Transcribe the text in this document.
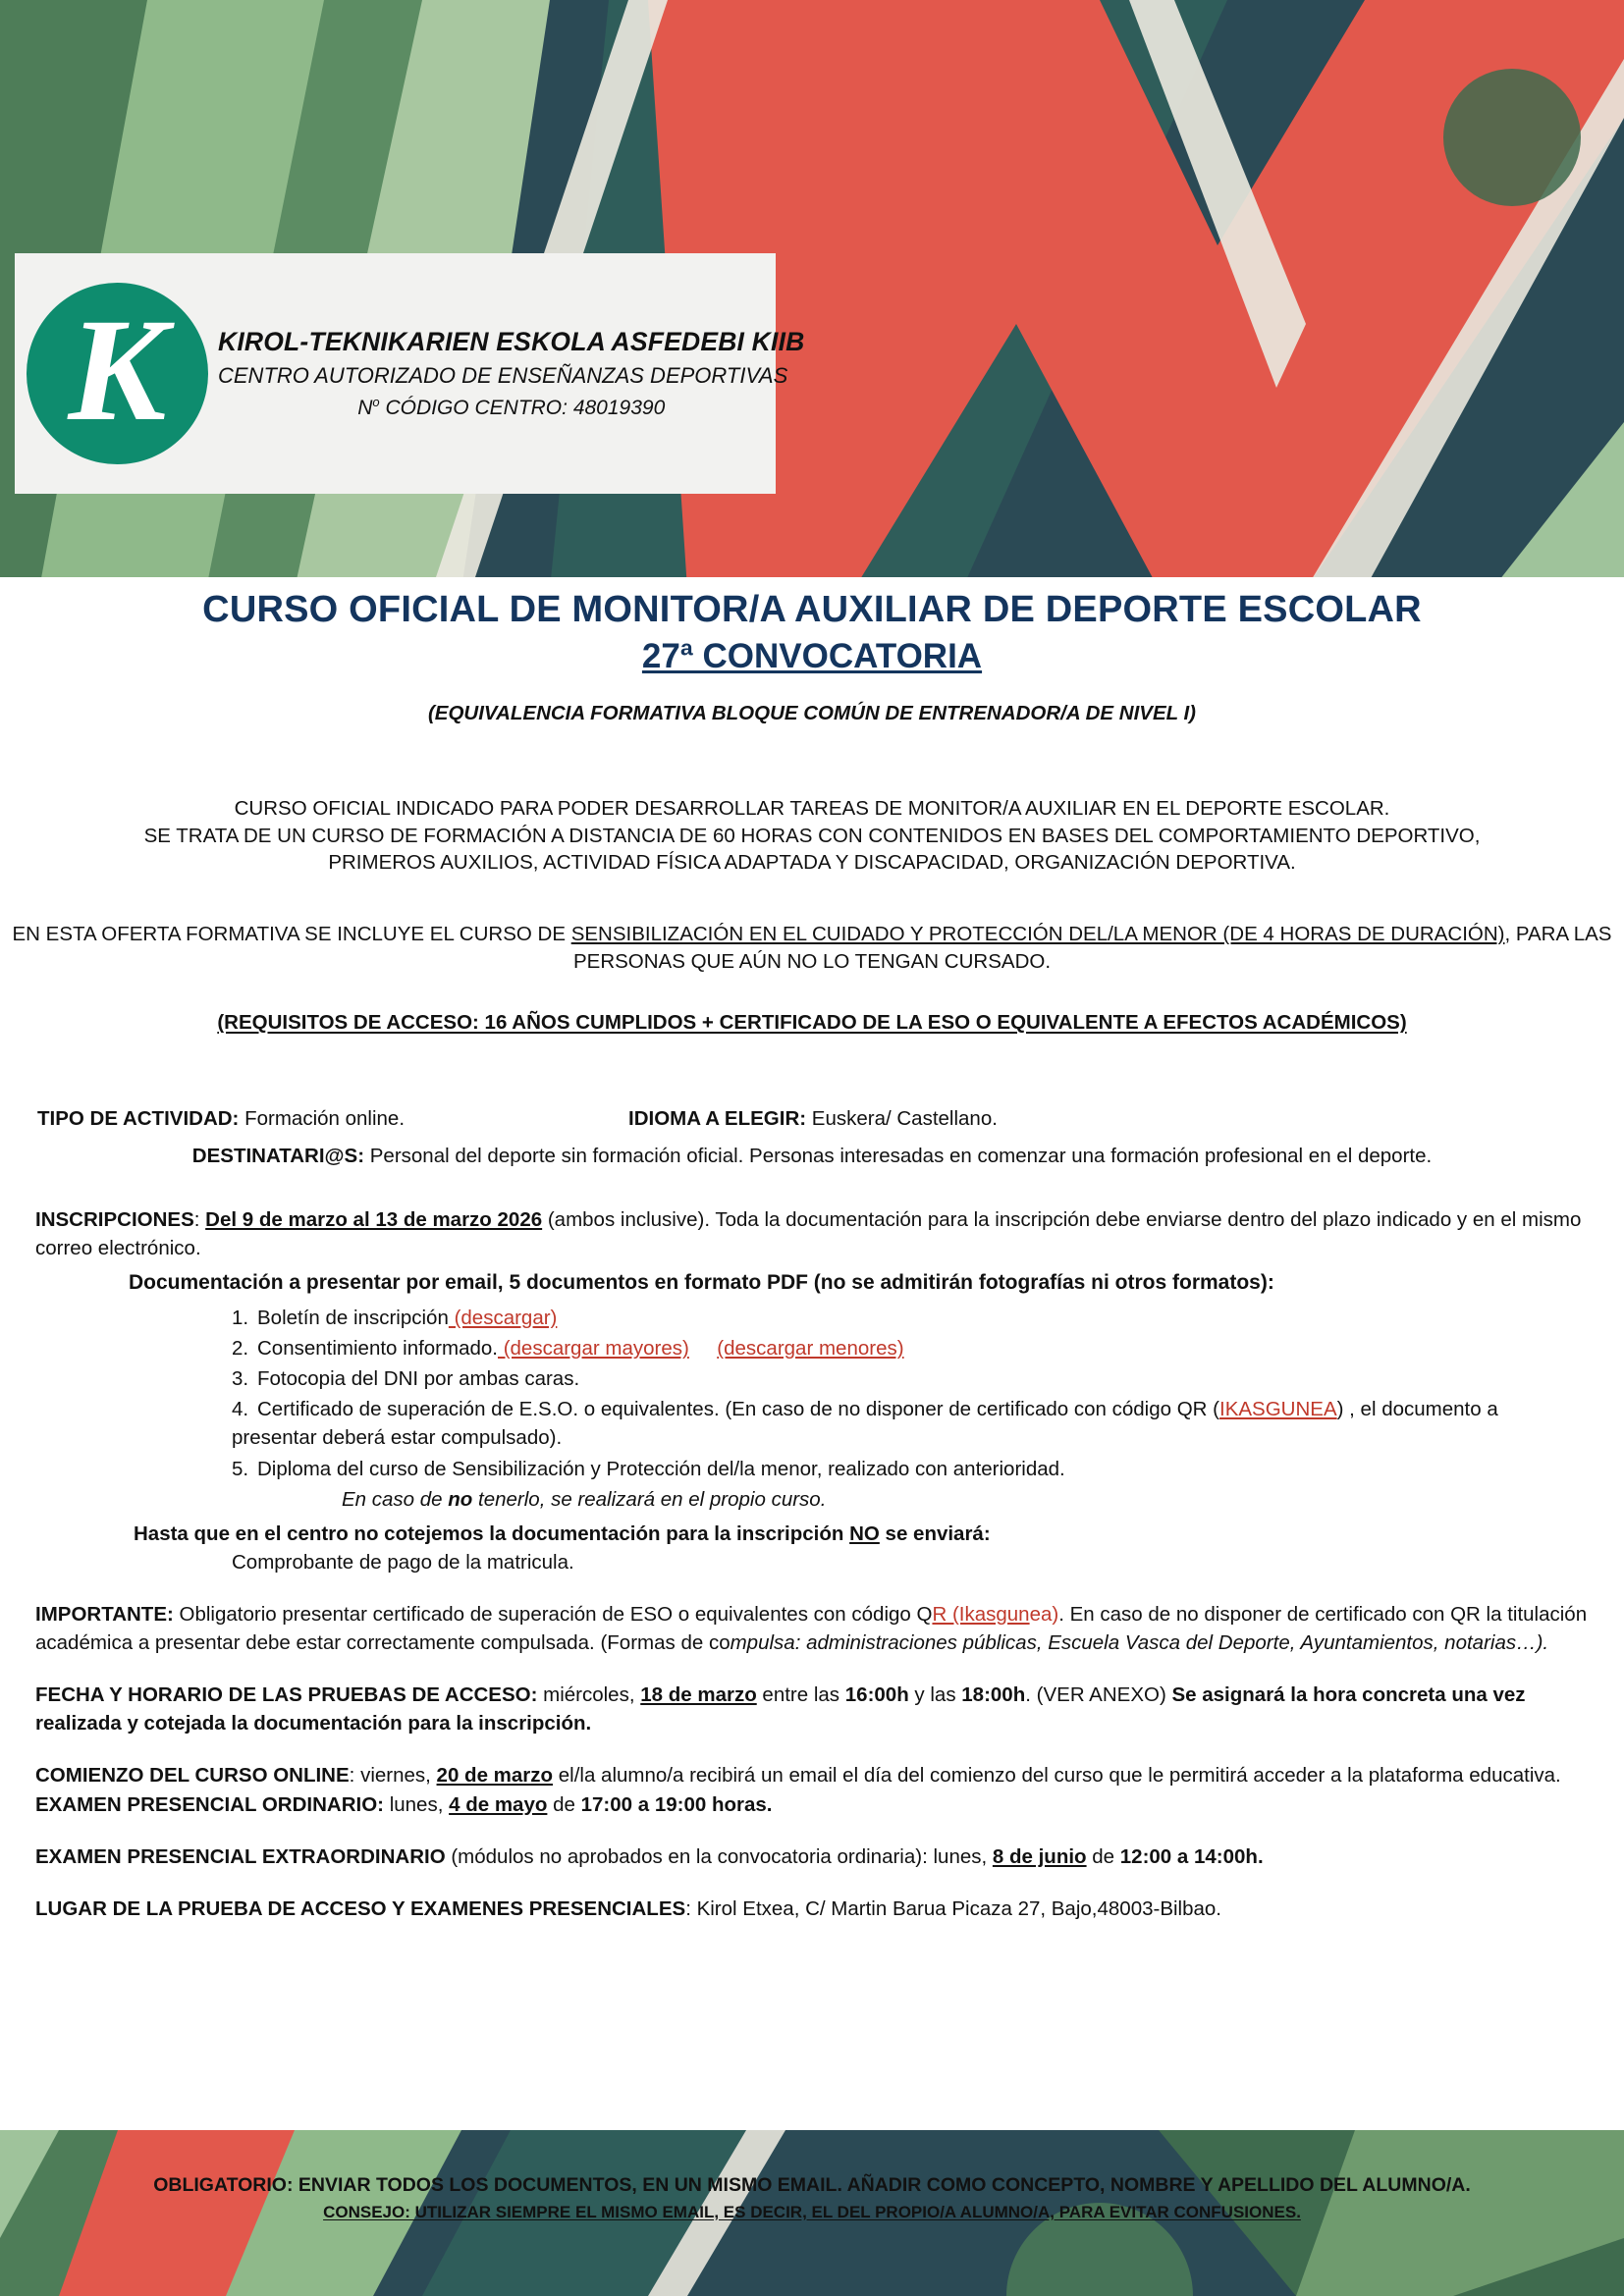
K	KIROL-TEKNIKARIEN ESKOLA ASFEDEBI KIIB
CENTRO AUTORIZADO DE ENSEÑANZAS DEPORTIVAS
$N^o$ CÓDIGO CENTRO: 48019390
CURSO OFICIAL DE MONITOR/A AUXILIAR DE DEPORTE ESCOLAR
27ª CONVOCATORIA
(EQUIVALENCIA FORMATIVA BLOQUE COMÚN DE ENTRENADOR/A DE NIVEL I)
CURSO OFICIAL INDICADO PARA PODER DESARROLLAR TAREAS DE MONITOR/A AUXILIAR EN EL DEPORTE ESCOLAR.
SE TRATA DE UN CURSO DE FORMACIÓN A DISTANCIA DE 60 HORAS CON CONTENIDOS EN BASES DEL COMPORTAMIENTO DEPORTIVO,
PRIMEROS AUXILIOS, ACTIVIDAD FÍSICA ADAPTADA Y DISCAPACIDAD, ORGANIZACIÓN DEPORTIVA.
EN ESTA OFERTA FORMATIVA SE INCLUYE EL CURSO DE SENSIBILIZACIÓN EN EL CUIDADO Y PROTECCIÓN DEL/LA MENOR (DE 4 HORAS DE DURACIÓN), PARA LAS PERSONAS QUE AÚN NO LO TENGAN CURSADO.
(REQUISITOS DE ACCESO: 16 AÑOS CUMPLIDOS + CERTIFICADO DE LA ESO O EQUIVALENTE A EFECTOS ACADÉMICOS)
TIPO DE ACTIVIDAD: Formación online.	IDIOMA A ELEGIR: Euskera/ Castellano.
DESTINATARI@S: Personal del deporte sin formación oficial. Personas interesadas en comenzar una formación profesional en el deporte.
INSCRIPCIONES: Del 9 de marzo al 13 de marzo 2026 (ambos inclusive). Toda la documentación para la inscripción debe enviarse dentro del plazo indicado y en el mismo correo electrónico.
Documentación a presentar por email, 5 documentos en formato PDF (no se admitirán fotografías ni otros formatos):
1. Boletín de inscripción (descargar)
2. Consentimiento informado. (descargar mayores) (descargar menores)
3. Fotocopia del DNI por ambas caras.
4. Certificado de superación de E.S.O. o equivalentes. (En caso de no disponer de certificado con código QR (IKASGUNEA) , el documento a presentar deberá estar compulsado).
5. Diploma del curso de Sensibilización y Protección del/la menor, realizado con anterioridad.
En caso de no tenerlo, se realizará en el propio curso.
Hasta que en el centro no cotejemos la documentación para la inscripción NO se enviará:
Comprobante de pago de la matricula.
IMPORTANTE: Obligatorio presentar certificado de superación de ESO o equivalentes con código QR (Ikasgunea). En caso de no disponer de certificado con QR la titulación académica a presentar debe estar correctamente compulsada. (Formas de compulsa: administraciones públicas, Escuela Vasca del Deporte, Ayuntamientos, notarias…).
FECHA Y HORARIO DE LAS PRUEBAS DE ACCESO: miércoles, 18 de marzo entre las 16:00h y las 18:00h. (VER ANEXO) Se asignará la hora concreta una vez realizada y cotejada la documentación para la inscripción.
COMIENZO DEL CURSO ONLINE: viernes, 20 de marzo el/la alumno/a recibirá un email el día del comienzo del curso que le permitirá acceder a la plataforma educativa.
EXAMEN PRESENCIAL ORDINARIO: lunes, 4 de mayo de 17:00 a 19:00 horas.
EXAMEN PRESENCIAL EXTRAORDINARIO (módulos no aprobados en la convocatoria ordinaria): lunes, 8 de junio de 12:00 a 14:00h.
LUGAR DE LA PRUEBA DE ACCESO Y EXAMENES PRESENCIALES: Kirol Etxea, C/ Martin Barua Picaza 27, Bajo,48003-Bilbao.
OBLIGATORIO: ENVIAR TODOS LOS DOCUMENTOS, EN UN MISMO EMAIL. AÑADIR COMO CONCEPTO, NOMBRE Y APELLIDO DEL ALUMNO/A.
CONSEJO: UTILIZAR SIEMPRE EL MISMO EMAIL, ES DECIR, EL DEL PROPIO/A ALUMNO/A, PARA EVITAR CONFUSIONES.
